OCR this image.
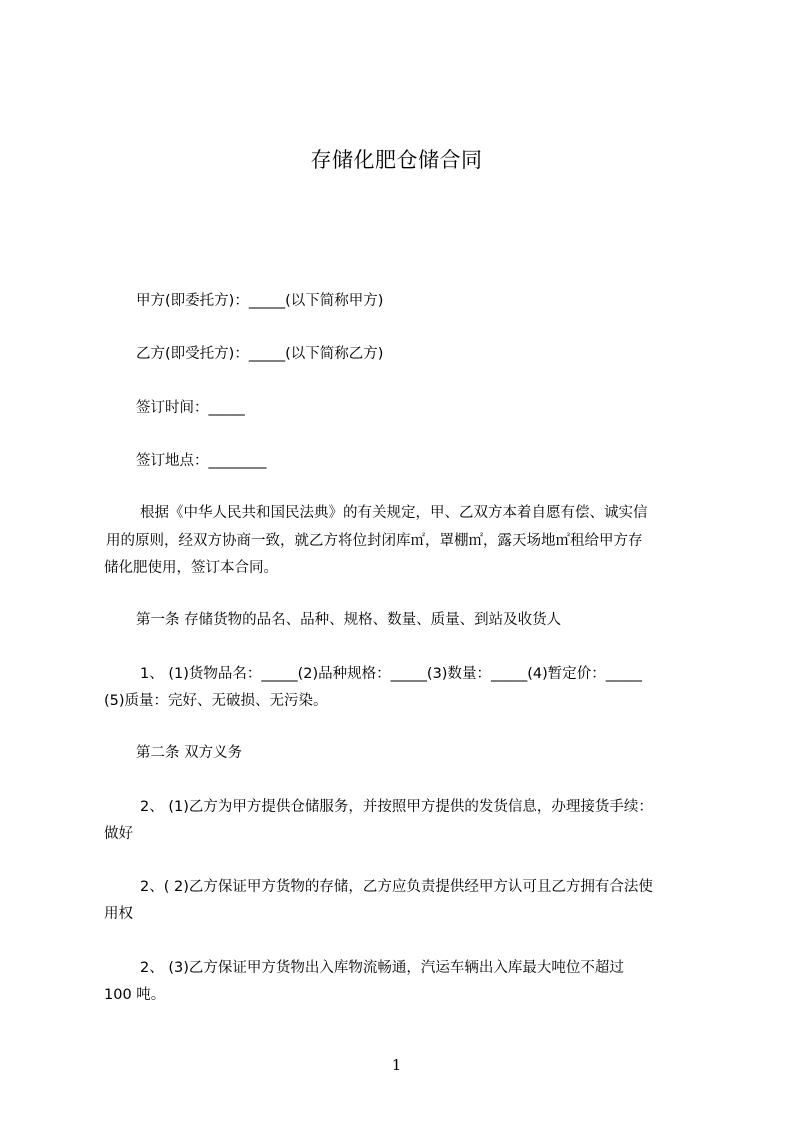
存储化肥仓储合同
甲方(即委托方)：_____(以下简称甲方)
乙方(即受托方)：_____(以下简称乙方)
签订时间：_____
签订地点：________
根据《中华人民共和国民法典》的有关规定，甲、乙双方本着自愿有偿、诚实信
用的原则，经双方协商一致，就乙方将位封闭库㎡，罩棚㎡，露天场地㎡租给甲方存
储化肥使用，签订本合同。
第一条 存储货物的品名、品种、规格、数量、质量、到站及收货人
1、 (1)货物品名：_____(2)品种规格：_____(3)数量：_____(4)暂定价：_____
(5)质量：完好、无破损、无污染。
第二条 双方义务
2、 (1)乙方为甲方提供仓储服务，并按照甲方提供的发货信息，办理接货手续：
做好
2、( 2)乙方保证甲方货物的存储，乙方应负责提供经甲方认可且乙方拥有合法使
用权
2、 (3)乙方保证甲方货物出入库物流畅通，汽运车辆出入库最大吨位不超过
100 吨。
1
